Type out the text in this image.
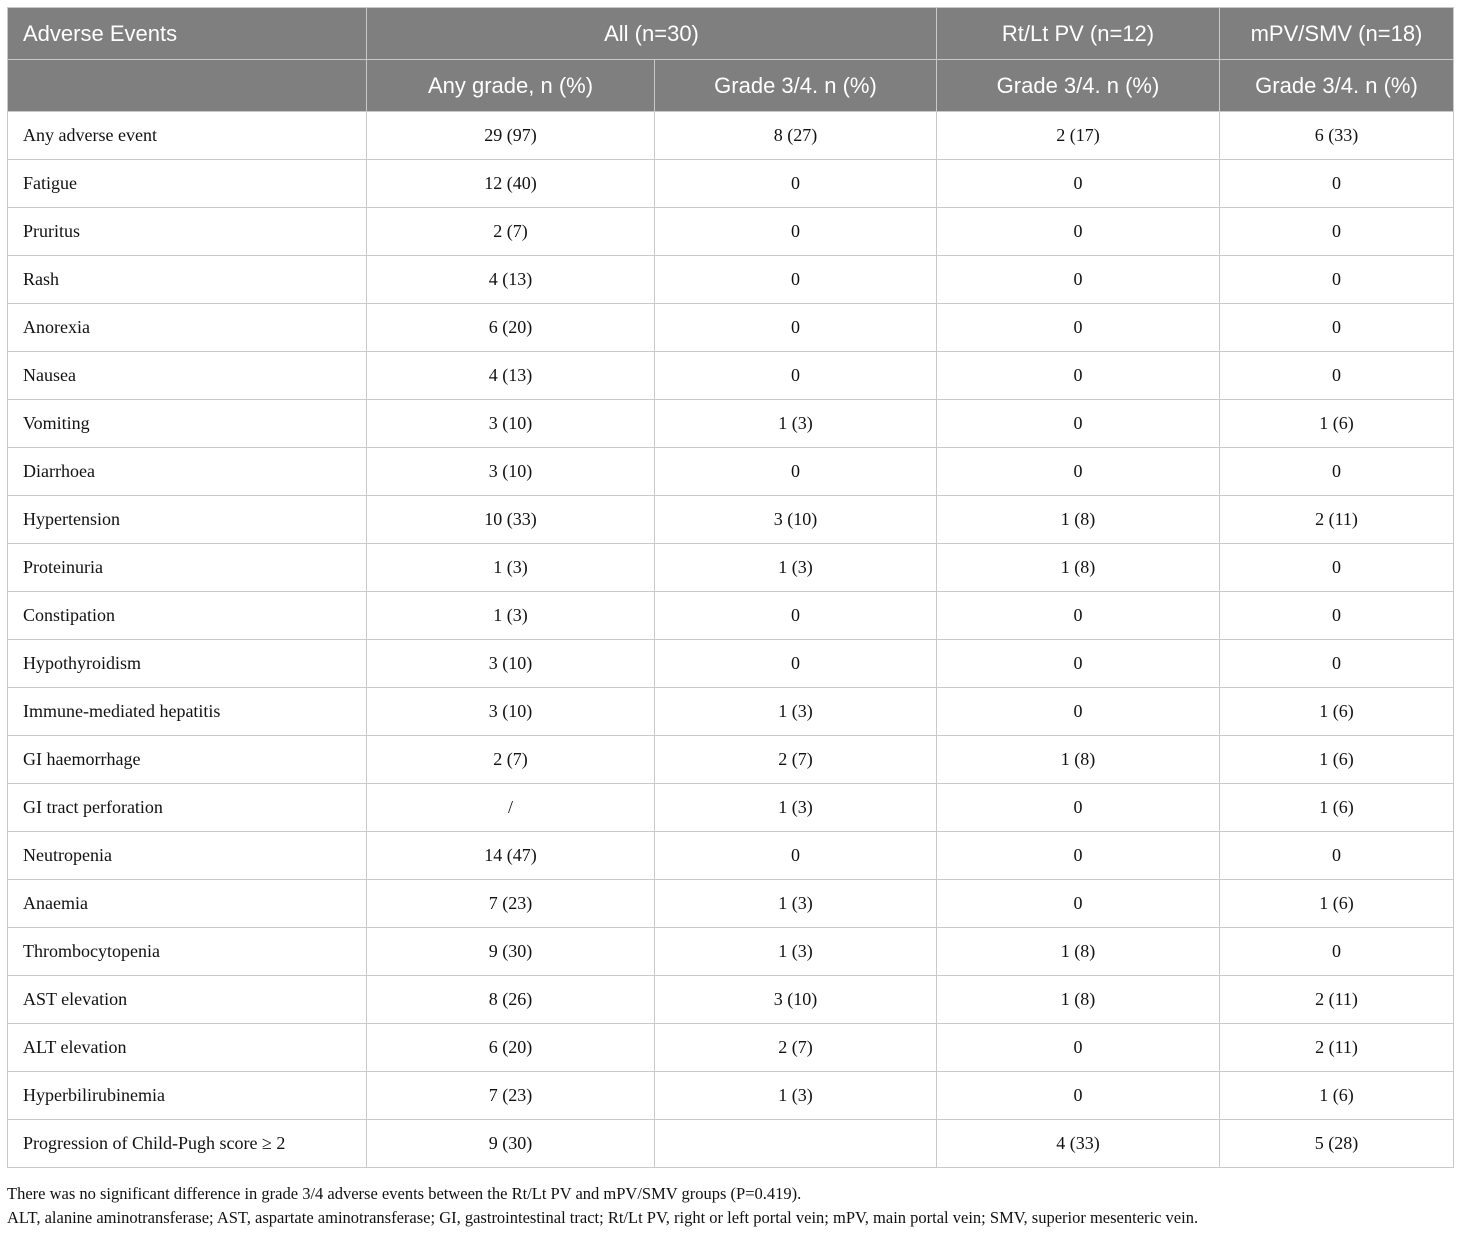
Adverse Events	All (n=30)		Rt/Lt PV (n=12)	mPV/SMV (n=18)
	Any grade, n (%)	Grade 3/4. n (%)	Grade 3/4. n (%)	Grade 3/4. n (%)
Any adverse event	29 (97)	8 (27)	2 (17)	6 (33)
Fatigue	12 (40)	0	0	0
Pruritus	2 (7)	0	0	0
Rash	4 (13)	0	0	0
Anorexia	6 (20)	0	0	0
Nausea	4 (13)	0	0	0
Vomiting	3 (10)	1 (3)	0	1 (6)
Diarrhoea	3 (10)	0	0	0
Hypertension	10 (33)	3 (10)	1 (8)	2 (11)
Proteinuria	1 (3)	1 (3)	1 (8)	0
Constipation	1 (3)	0	0	0
Hypothyroidism	3 (10)	0	0	0
Immune-mediated hepatitis	3 (10)	1 (3)	0	1 (6)
GI haemorrhage	2 (7)	2 (7)	1 (8)	1 (6)
GI tract perforation	/	1 (3)	0	1 (6)
Neutropenia	14 (47)	0	0	0
Anaemia	7 (23)	1 (3)	0	1 (6)
Thrombocytopenia	9 (30)	1 (3)	1 (8)	0
AST elevation	8 (26)	3 (10)	1 (8)	2 (11)
ALT elevation	6 (20)	2 (7)	0	2 (11)
Hyperbilirubinemia	7 (23)	1 (3)	0	1 (6)
Progression of Child-Pugh score ≥ 2	9 (30)		4 (33)	5 (28)

There was no significant difference in grade 3/4 adverse events between the Rt/Lt PV and mPV/SMV groups (P=0.419).

ALT, alanine aminotransferase; AST, aspartate aminotransferase; GI, gastrointestinal tract; Rt/Lt PV, right or left portal vein; mPV, main portal vein; SMV, superior mesenteric vein.
